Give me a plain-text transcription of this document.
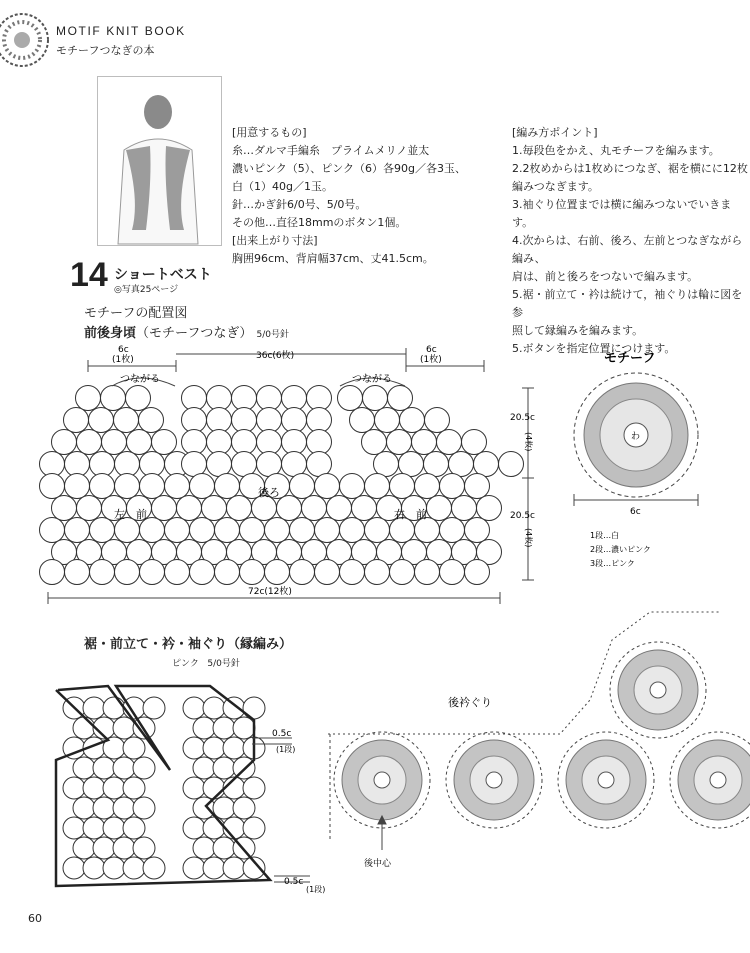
6c
(1枚)	36c(6枚)
6c
(1枚)
つながる	つながる
後ろ
左 前	右 前
20.5c
(4枚)
20.5c
(4枚)
72c(12枚)
モチーフ
わ
6c
1段…白
2段…濃いピンク
3段…ピンク
0.5c
(1段)
0.5c
(1段)
後衿ぐり
後中心
MOTIF KNIT BOOK
モチーフつなぎの本
[用意するもの]
糸…ダルマ手編糸　プライムメリノ並太
濃いピンク（5）、ピンク（6）各90g／各3玉、
白（1）40g／1玉。
針…かぎ針6/0号、5/0号。
その他…直径18mmのボタン1個。
[出来上がり寸法]
胸囲96cm、背肩幅37cm、丈41.5cm。
[編み方ポイント]
1.毎段色をかえ、丸モチーフを編みます。
2.2枚めからは1枚めにつなぎ、裾を横にに12枚
編みつなぎます。
3.袖ぐり位置までは横に編みつないでいきます。
4.次からは、右前、後ろ、左前とつなぎながら編み、
肩は、前と後ろをつないで編みます。
5.裾・前立て・衿は続けて，袖ぐりは輪に図を参
照して縁編みを編みます。
5.ボタンを指定位置につけます。
14 ショートベスト
◎写真25ページ
モチーフの配置図
前後身頃（モチーフつなぎ） 5/0号針
裾・前立て・衿・袖ぐり（縁編み）
ピンク 5/0号針
60
